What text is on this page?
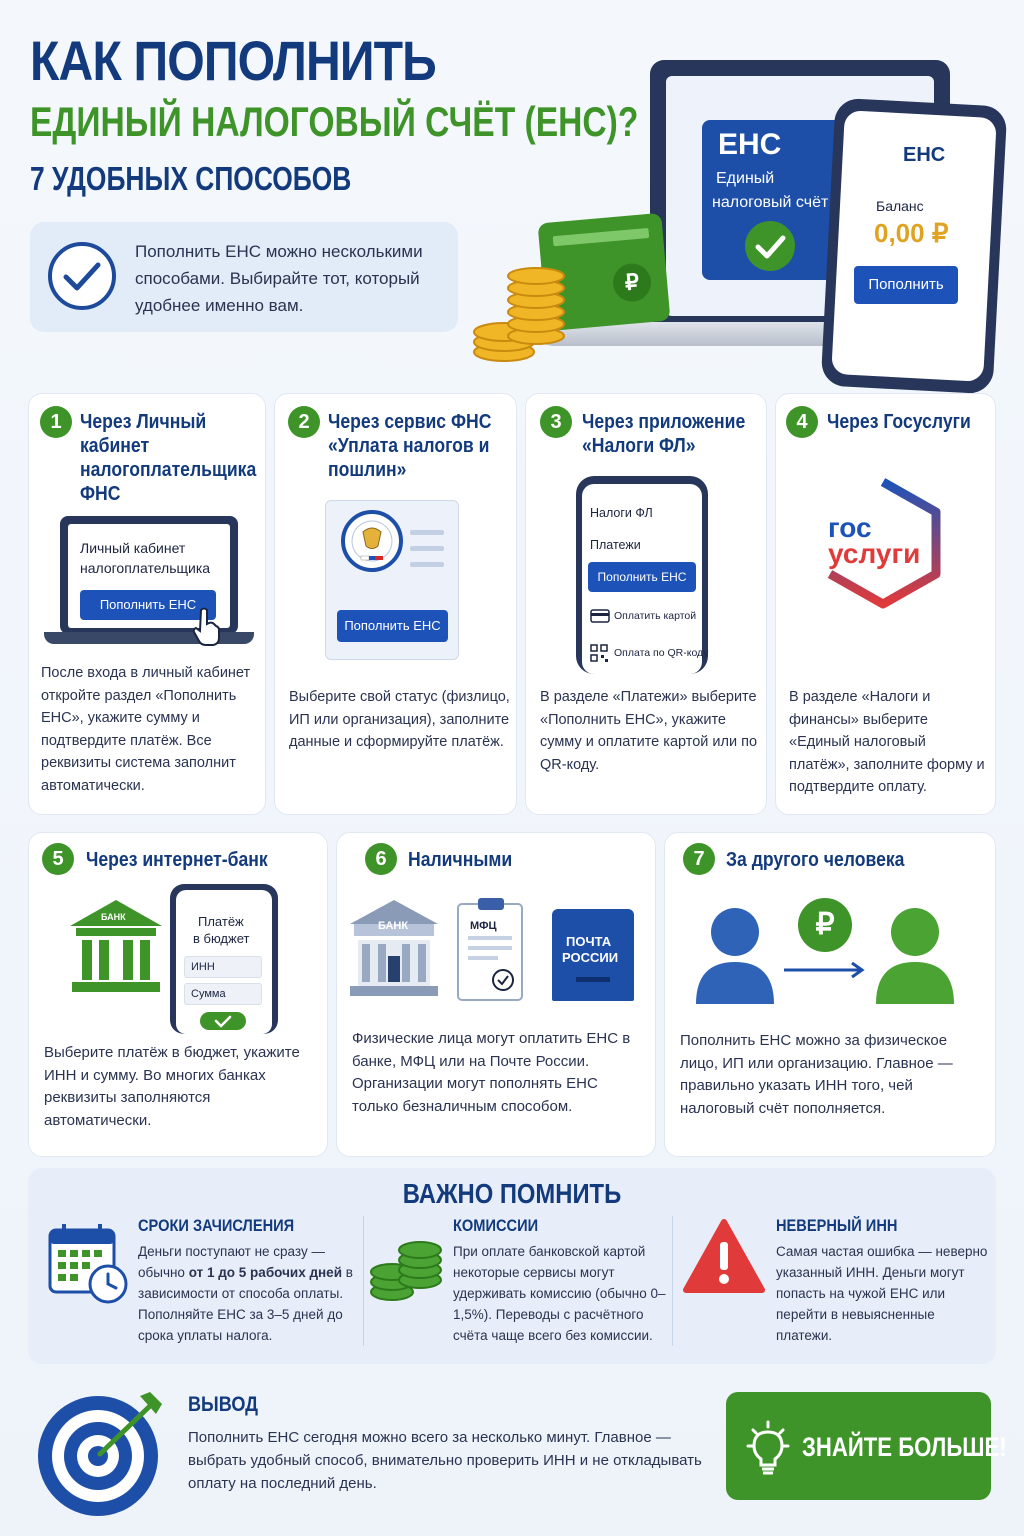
КАК ПОПОЛНИТЬ
ЕДИНЫЙ НАЛОГОВЫЙ СЧЁТ (ЕНС)?
7 УДОБНЫХ СПОСОБОВ
Пополнить ЕНС можно несколькими способами. Выбирайте тот, который удобнее именно вам.
ЕНС
Единый
налоговый счёт
₽
ЕНС
Баланс
0,00 ₽
Пополнить
1 Через Личный кабинет налогоплательщика ФНС
Личный кабинет
налогоплательщика
Пополнить ЕНС
После входа в личный кабинет откройте раздел «Пополнить ЕНС», укажите сумму и подтвердите платёж. Все реквизиты система заполнит автоматически.
2 Через сервис ФНС «Уплата налогов и пошлин»
Пополнить ЕНС
Выберите свой статус (физлицо, ИП или организация), заполните данные и сформируйте платёж.
3	Через приложение «Налоги ФЛ»
Налоги ФЛ
Платежи
Пополнить ЕНС
Оплатить картой
Оплата по QR-коду
В разделе «Платежи» выберите «Пополнить ЕНС», укажите сумму и оплатите картой или по QR-коду.
4 Через Госуслуги
гос
услуги
В разделе «Налоги и финансы» выберите «Единый налоговый платёж», заполните форму и подтвердите оплату.
5	Через интернет-банк
БАНК	Платёж
в бюджет
ИНН
Сумма
Выберите платёж в бюджет, укажите ИНН и сумму. Во многих банках реквизиты заполняются автоматически.
6	Наличными
БАНК	МФЦ
ПОЧТА
РОССИИ
Физические лица могут оплатить ЕНС в банке, МФЦ или на Почте России. Организации могут пополнять ЕНС только безналичным способом.
7	За другого человека
₽
Пополнить ЕНС можно за физическое лицо, ИП или организацию. Главное — правильно указать ИНН того, чей налоговый счёт пополняется.
ВАЖНО ПОМНИТЬ
СРОКИ ЗАЧИСЛЕНИЯ
Деньги поступают не сразу — обычно от 1 до 5 рабочих дней в зависимости от способа оплаты. Пополняйте ЕНС за 3–5 дней до срока уплаты налога.
КОМИССИИ
При оплате банковской картой некоторые сервисы могут удерживать комиссию (обычно 0–1,5%). Переводы с расчётного счёта чаще всего без комиссии.
НЕВЕРНЫЙ ИНН
Самая частая ошибка — неверно указанный ИНН. Деньги могут попасть на чужой ЕНС или перейти в невыясненные платежи.
ВЫВОД
Пополнить ЕНС сегодня можно всего за несколько минут. Главное — выбрать удобный способ, внимательно проверить ИНН и не откладывать оплату на последний день.
ЗНАЙТЕ БОЛЬШЕ!
